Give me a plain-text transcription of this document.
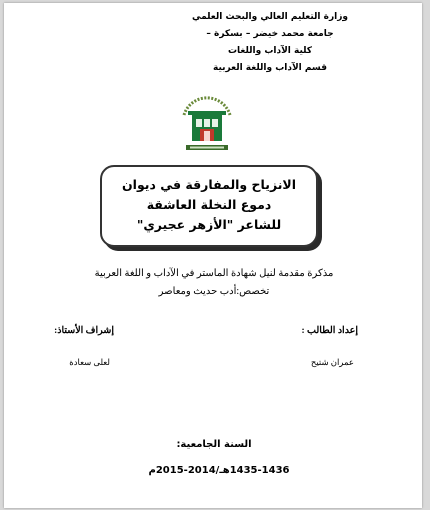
وزارة التعليم العالي والبحث العلمي
جامعة محمد خيضر – بسكرة –
كلية الآداب واللغات
قسم الآداب واللغة العربية
الانزياح والمفارقة في ديوان
دموع النخلة العاشقة
للشاعر "الأزهر عجيري"
مذكرة مقدمة لنيل شهادة الماستر في الآداب و اللغة العربية
تخصص:أدب حديث ومعاصر
إعداد الطالب :
عمران شتيح
إشراف الأستاذ:
لعلى سعادة
السنة الجامعية:
1435-1436هـ/2014-2015م
